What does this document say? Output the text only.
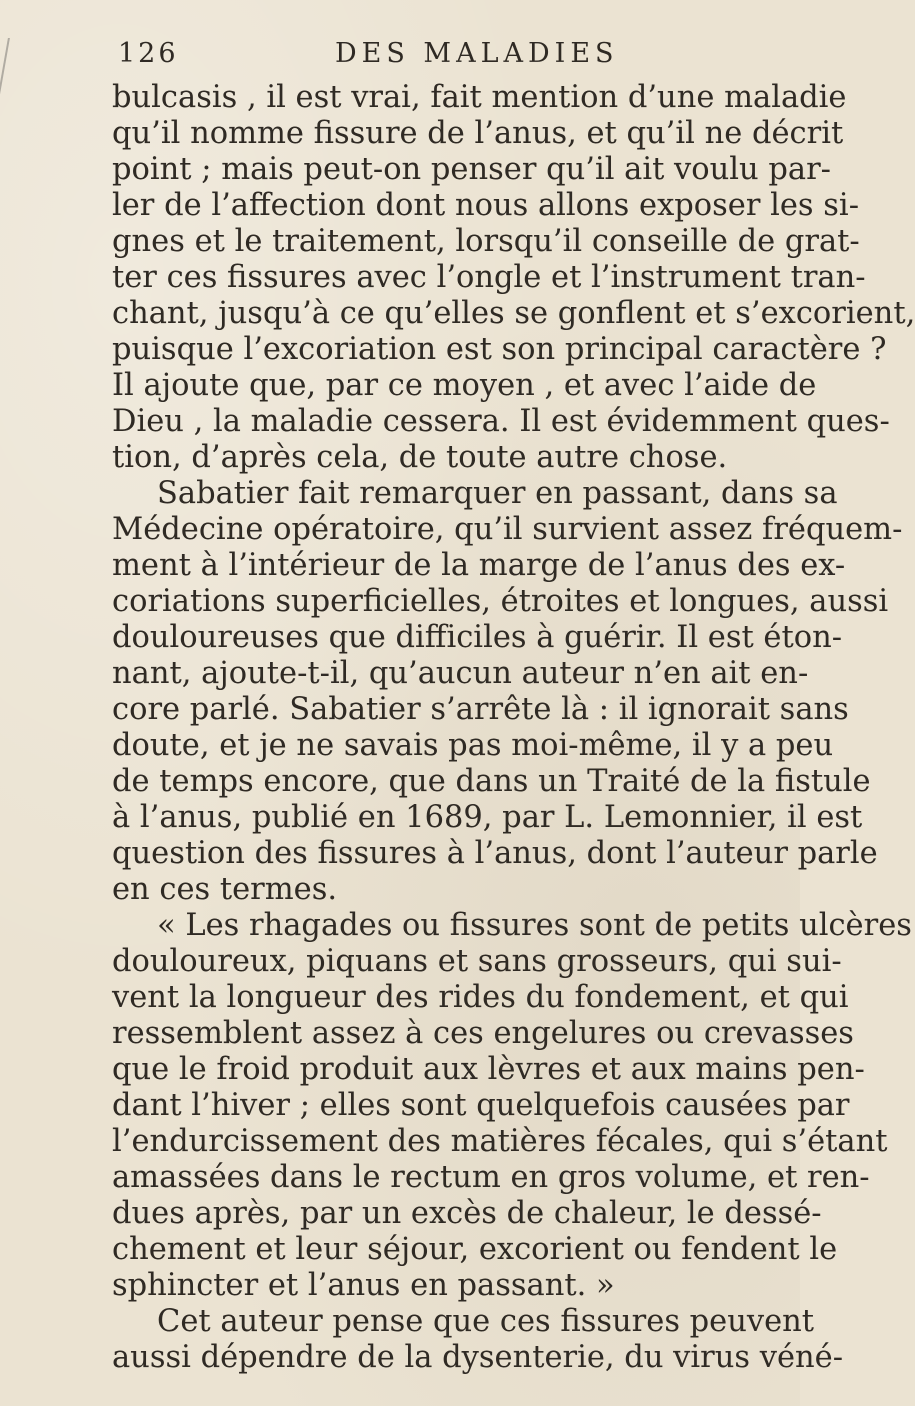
126	DES MALADIES

bulcasis , il est vrai, fait mention d’une maladie
qu’il nomme fissure de l’anus, et qu’il ne décrit
point ; mais peut-on penser qu’il ait voulu par-
ler de l’affection dont nous allons exposer les si-
gnes et le traitement, lorsqu’il conseille de grat-
ter ces fissures avec l’ongle et l’instrument tran-
chant, jusqu’à ce qu’elles se gonflent et s’excorient,
puisque l’excoriation est son principal caractère ?
Il ajoute que, par ce moyen , et avec l’aide de
Dieu , la maladie cessera. Il est évidemment ques-
tion, d’après cela, de toute autre chose.

Sabatier fait remarquer en passant, dans sa
Médecine opératoire, qu’il survient assez fréquem-
ment à l’intérieur de la marge de l’anus des ex-
coriations superficielles, étroites et longues, aussi
douloureuses que difficiles à guérir. Il est éton-
nant, ajoute-t-il, qu’aucun auteur n’en ait en-
core parlé. Sabatier s’arrête là : il ignorait sans
doute, et je ne savais pas moi-même, il y a peu
de temps encore, que dans un Traité de la fistule
à l’anus, publié en 1689, par L. Lemonnier, il est
question des fissures à l’anus, dont l’auteur parle
en ces termes.

« Les rhagades ou fissures sont de petits ulcères
douloureux, piquans et sans grosseurs, qui sui-
vent la longueur des rides du fondement, et qui
ressemblent assez à ces engelures ou crevasses
que le froid produit aux lèvres et aux mains pen-
dant l’hiver ; elles sont quelquefois causées par
l’endurcissement des matières fécales, qui s’étant
amassées dans le rectum en gros volume, et ren-
dues après, par un excès de chaleur, le dessé-
chement et leur séjour, excorient ou fendent le
sphincter et l’anus en passant. »

Cet auteur pense que ces fissures peuvent
aussi dépendre de la dysenterie, du virus véné-
